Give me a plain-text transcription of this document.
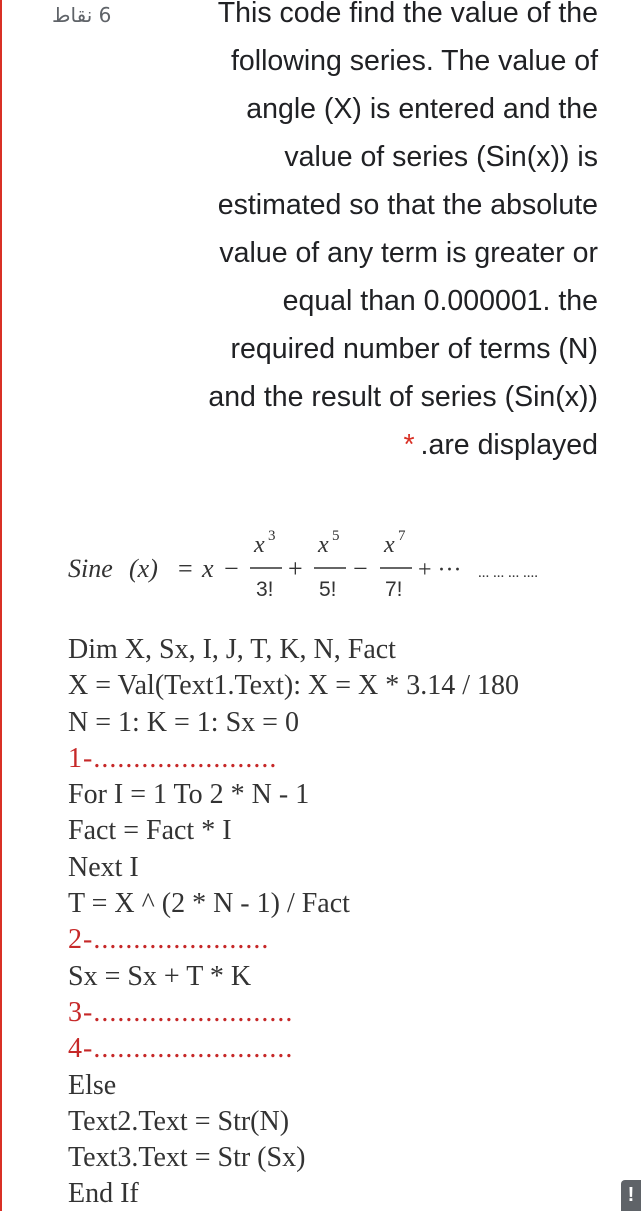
6 نقاط	This code find the value of the
following series. The value of
angle (X) is entered and the
value of series (Sin(x)) is
estimated so that the absolute
value of any term is greater or
equal than 0.000001. the
required number of terms (N)
and the result of series (Sin(x))
* .are displayed
Sine (x) = x −
x 3
3!
+
x 5
5!
−
x 7
7!
+ ··· ... ... ... ....
Dim X, Sx, I, J, T, K, N, Fact
X = Val(Text1.Text): X = X * 3.14 / 180
N = 1: K = 1: Sx = 0
1-.......................
For I = 1 To 2 * N - 1
Fact = Fact * I
Next I
T = X ^ (2 * N - 1) / Fact
2-......................
Sx = Sx + T * K
3-.........................
4-.........................
Else
Text2.Text = Str(N)
Text3.Text = Str (Sx)
End If	!
